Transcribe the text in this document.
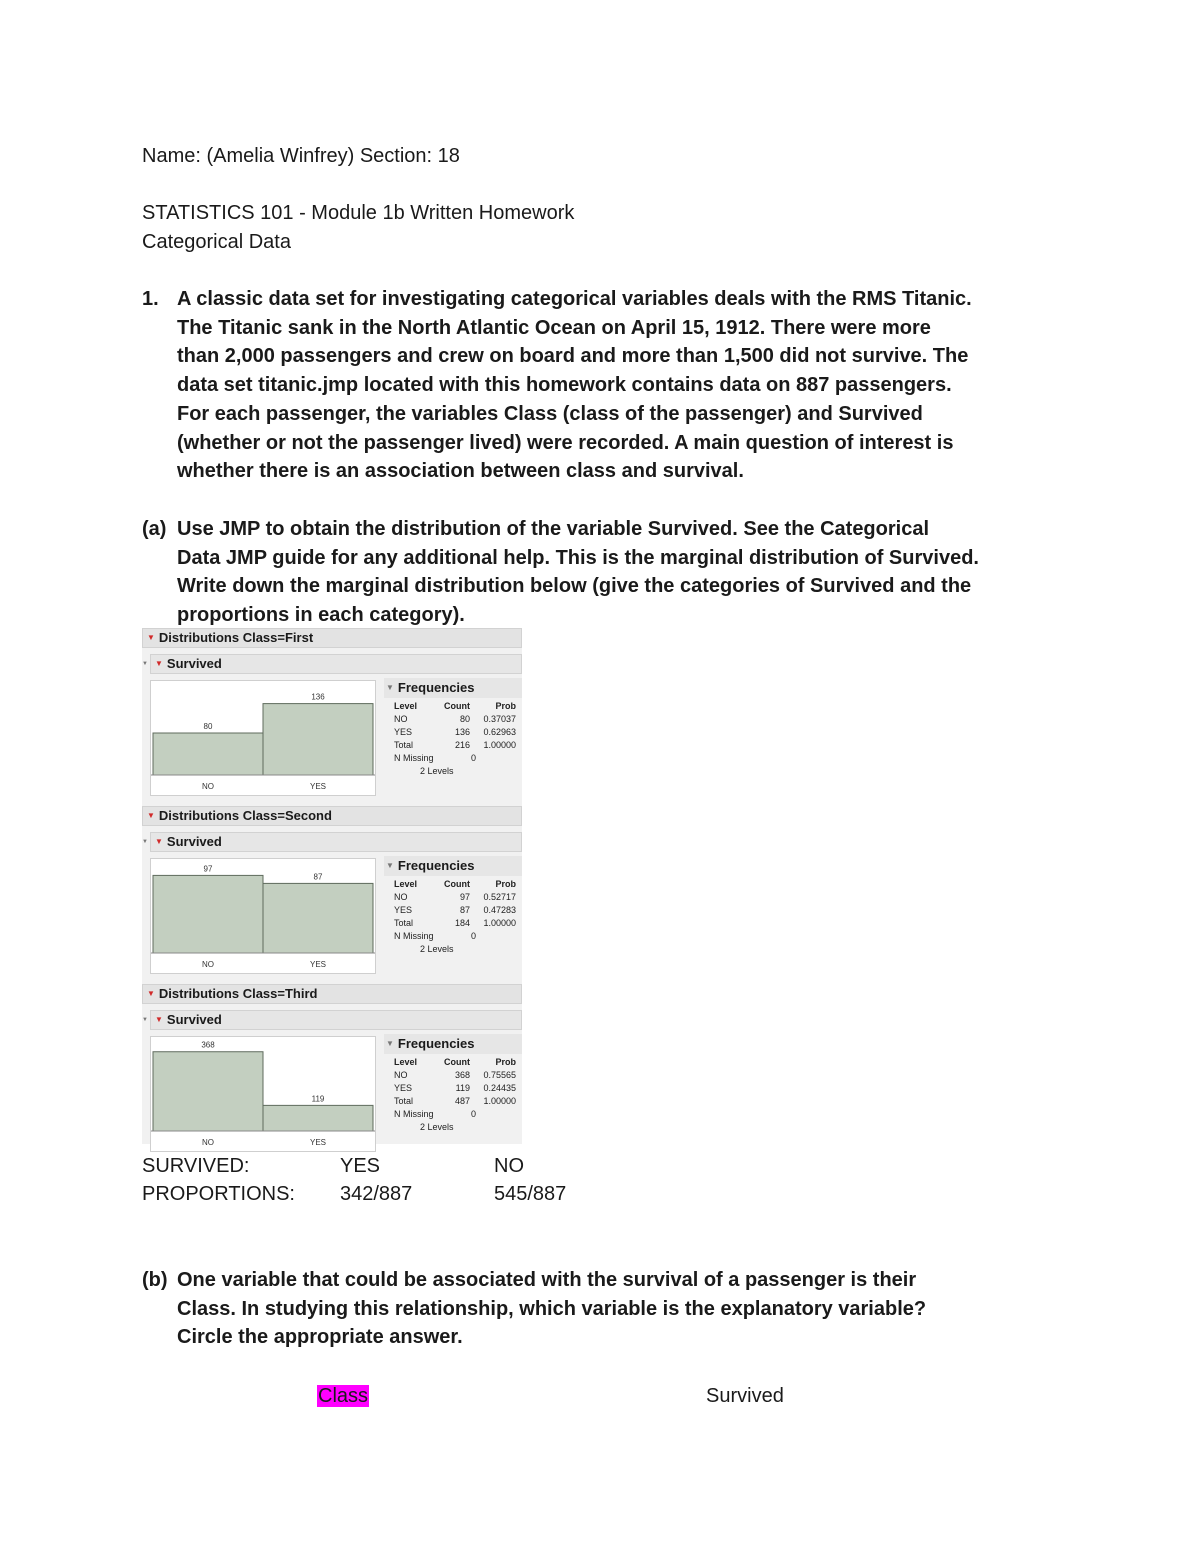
Name: (Amelia Winfrey) Section: 18
STATISTICS 101 - Module 1b Written Homework
Categorical Data
1. A classic data set for investigating categorical variables deals with the RMS Titanic.
The Titanic sank in the North Atlantic Ocean on April 15, 1912. There were more
than 2,000 passengers and crew on board and more than 1,500 did not survive. The
data set titanic.jmp located with this homework contains data on 887 passengers.
For each passenger, the variables Class (class of the passenger) and Survived
(whether or not the passenger lived) were recorded. A main question of interest is
whether there is an association between class and survival.
(a) Use JMP to obtain the distribution of the variable Survived. See the Categorical
Data JMP guide for any additional help. This is the marginal distribution of Survived.
Write down the marginal distribution below (give the categories of Survived and the
proportions in each category).
▼ Distributions Class=First
▼ ▼ Survived
80
NO
136
YES
▼ Frequencies
Level	Count	Prob
NO	80	0.37037
YES	136	0.62963
Total	216	1.00000
N Missing	0
2 Levels
▼ Distributions Class=Second
▼ ▼ Survived
97
NO
87
YES
▼ Frequencies
Level	Count	Prob
NO	97	0.52717
YES	87	0.47283
Total	184	1.00000
N Missing	0
2 Levels
▼ Distributions Class=Third
▼ ▼ Survived
368
NO
119
YES
▼ Frequencies
Level	Count	Prob
NO	368	0.75565
YES	119	0.24435
Total	487	1.00000
N Missing	0
2 Levels
SURVIVED:	YES	NO
PROPORTIONS: 342/887	545/887
(b) One variable that could be associated with the survival of a passenger is their
Class. In studying this relationship, which variable is the explanatory variable?
Circle the appropriate answer.
Class	Survived
